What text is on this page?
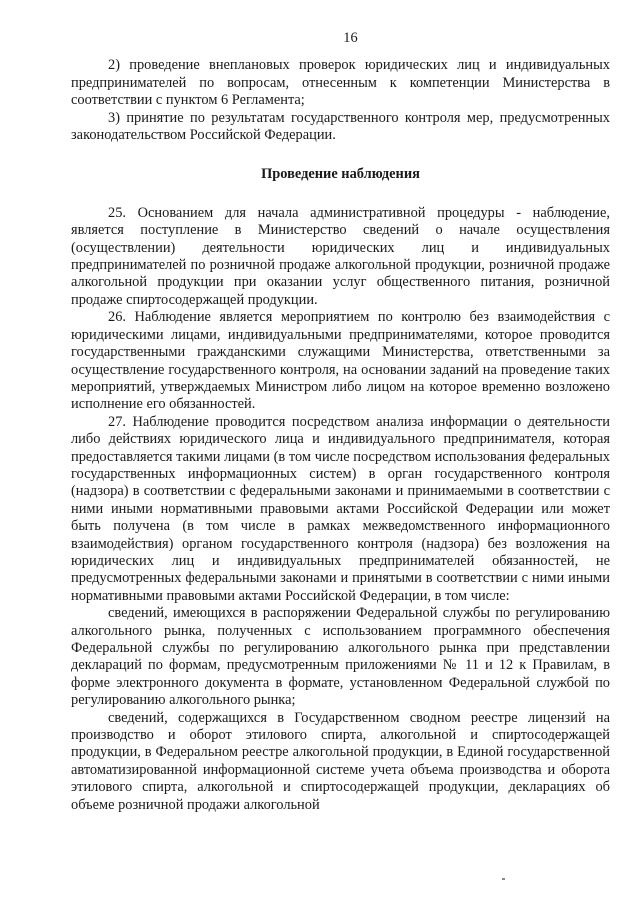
16

2) проведение внеплановых проверок юридических лиц и индивидуальных предпринимателей по вопросам, отнесенным к компетенции Министерства в соответствии с пунктом 6 Регламента;

3) принятие по результатам государственного контроля мер, предусмотренных законодательством Российской Федерации.

Проведение наблюдения

25. Основанием для начала административной процедуры - наблюдение, является поступление в Министерство сведений о начале осуществления (осуществлении) деятельности юридических лиц и индивидуальных предпринимателей по розничной продаже алкогольной продукции, розничной продаже алкогольной продукции при оказании услуг общественного питания, розничной продаже спиртосодержащей продукции.

26. Наблюдение является мероприятием по контролю без взаимодействия с юридическими лицами, индивидуальными предпринимателями, которое проводится государственными гражданскими служащими Министерства, ответственными за осуществление государственного контроля, на основании заданий на проведение таких мероприятий, утверждаемых Министром либо лицом на которое временно возложено исполнение его обязанностей.

27. Наблюдение проводится посредством анализа информации о деятельности либо действиях юридического лица и индивидуального предпринимателя, которая предоставляется такими лицами (в том числе посредством использования федеральных государственных информационных систем) в орган государственного контроля (надзора) в соответствии с федеральными законами и принимаемыми в соответствии с ними иными нормативными правовыми актами Российской Федерации или может быть получена (в том числе в рамках межведомственного информационного взаимодействия) органом государственного контроля (надзора) без возложения на юридических лиц и индивидуальных предпринимателей обязанностей, не предусмотренных федеральными законами и принятыми в соответствии с ними иными нормативными правовыми актами Российской Федерации, в том числе:

сведений, имеющихся в распоряжении Федеральной службы по регулированию алкогольного рынка, полученных с использованием программного обеспечения Федеральной службы по регулированию алкогольного рынка при представлении деклараций по формам, предусмотренным приложениями № 11 и 12 к Правилам, в форме электронного документа в формате, установленном Федеральной службой по регулированию алкогольного рынка;

сведений, содержащихся в Государственном сводном реестре лицензий на производство и оборот этилового спирта, алкогольной и спиртосодержащей продукции, в Федеральном реестре алкогольной продукции, в Единой государственной автоматизированной информационной системе учета объема производства и оборота этилового спирта, алкогольной и спиртосодержащей продукции, декларациях об объеме розничной продажи алкогольной
